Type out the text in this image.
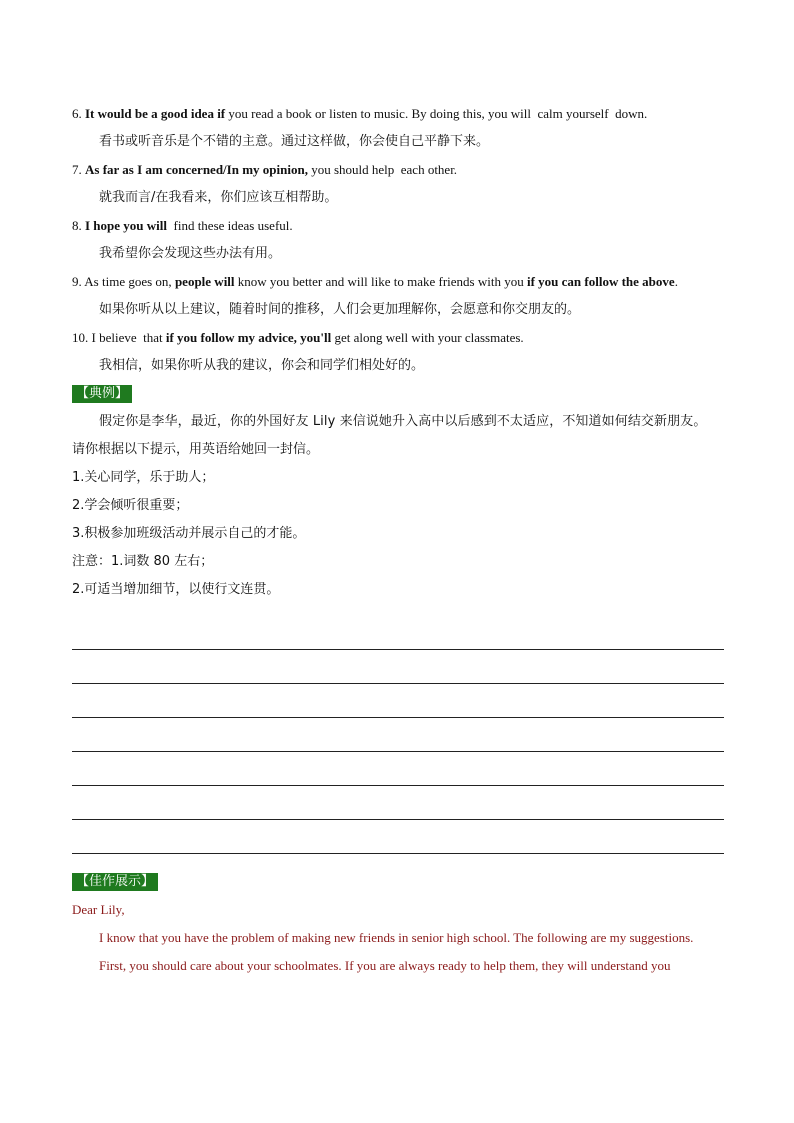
6. It would be a good idea if you read a book or listen to music. By doing this, you will  calm yourself  down.
看书或听音乐是个不错的主意。通过这样做，你会使自己平静下来。
7. As far as I am concerned/In my opinion, you should help  each other.
就我而言/在我看来，你们应该互相帮助。
8. I hope you will  find these ideas useful.
我希望你会发现这些办法有用。
9. As time goes on, people will know you better and will like to make friends with you if you can follow the above.
如果你听从以上建议，随着时间的推移，人们会更加理解你，会愿意和你交朋友的。
10. I believe  that if you follow my advice, you'll get along well with your classmates.
我相信，如果你听从我的建议，你会和同学们相处好的。
【典例】
假定你是李华，最近，你的外国好友 Lily 来信说她升入高中以后感到不太适应，不知道如何结交新朋友。
请你根据以下提示，用英语给她回一封信。
1.关心同学，乐于助人；
2.学会倾听很重要；
3.积极参加班级活动并展示自己的才能。
注意：1.词数 80 左右；
2.可适当增加细节，以使行文连贯。
【佳作展示】
Dear Lily,
I know that you have the problem of making new friends in senior high school. The following are my suggestions.
First, you should care about your schoolmates. If you are always ready to help them, they will understand you
